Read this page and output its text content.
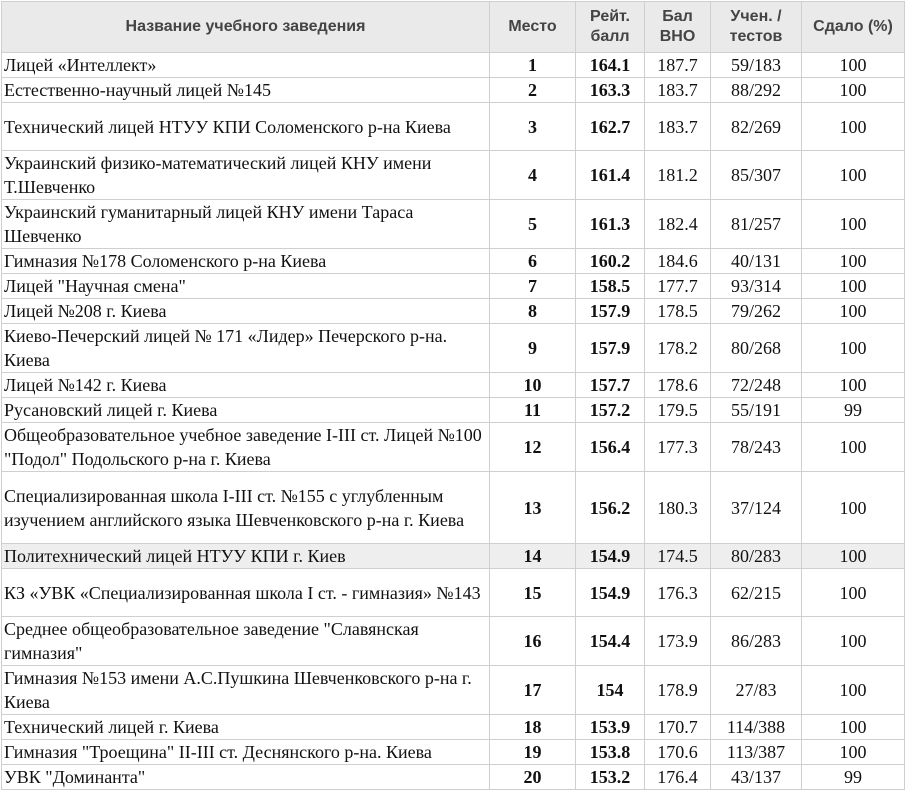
Название учебного заведения	Место	Рейт. балл	Бал ВНО	Учен. / тестов	Сдало (%)
Лицей «Интеллект»	1	164.1	187.7	59/183	100
Естественно-научный лицей №145	2	163.3	183.7	88/292	100
Технический лицей НТУУ КПИ Соломенского р-на Киева	3	162.7	183.7	82/269	100
Украинский физико-математический лицей КНУ имени Т.Шевченко	4	161.4	181.2	85/307	100
Украинский гуманитарный лицей КНУ имени Тараса Шевченко	5	161.3	182.4	81/257	100
Гимназия №178 Соломенского р-на Киева	6	160.2	184.6	40/131	100
Лицей "Научная смена"	7	158.5	177.7	93/314	100
Лицей №208 г. Киева	8	157.9	178.5	79/262	100
Киево-Печерский лицей № 171 «Лидер» Печерского р-на. Киева	9	157.9	178.2	80/268	100
Лицей №142 г. Киева	10	157.7	178.6	72/248	100
Русановский лицей г. Киева	11	157.2	179.5	55/191	99
Общеобразовательное учебное заведение I-III ст. Лицей №100 "Подол" Подольского р-на г. Киева	12	156.4	177.3	78/243	100
Специализированная школа I-III ст. №155 с углубленным изучением английского языка Шевченковского р-на г. Киева	13	156.2	180.3	37/124	100
Политехнический лицей НТУУ КПИ г. Киев	14	154.9	174.5	80/283	100
КЗ «УВК «Специализированная школа I ст. - гимназия» №143	15	154.9	176.3	62/215	100
Среднее общеобразовательное заведение "Славянская гимназия"	16	154.4	173.9	86/283	100
Гимназия №153 имени А.С.Пушкина Шевченковского р-на г. Киева	17	154	178.9	27/83	100
Технический лицей г. Киева	18	153.9	170.7	114/388	100
Гимназия "Троещина" II-III ст. Деснянского р-на. Киева	19	153.8	170.6	113/387	100
УВК "Доминанта"	20	153.2	176.4	43/137	99
